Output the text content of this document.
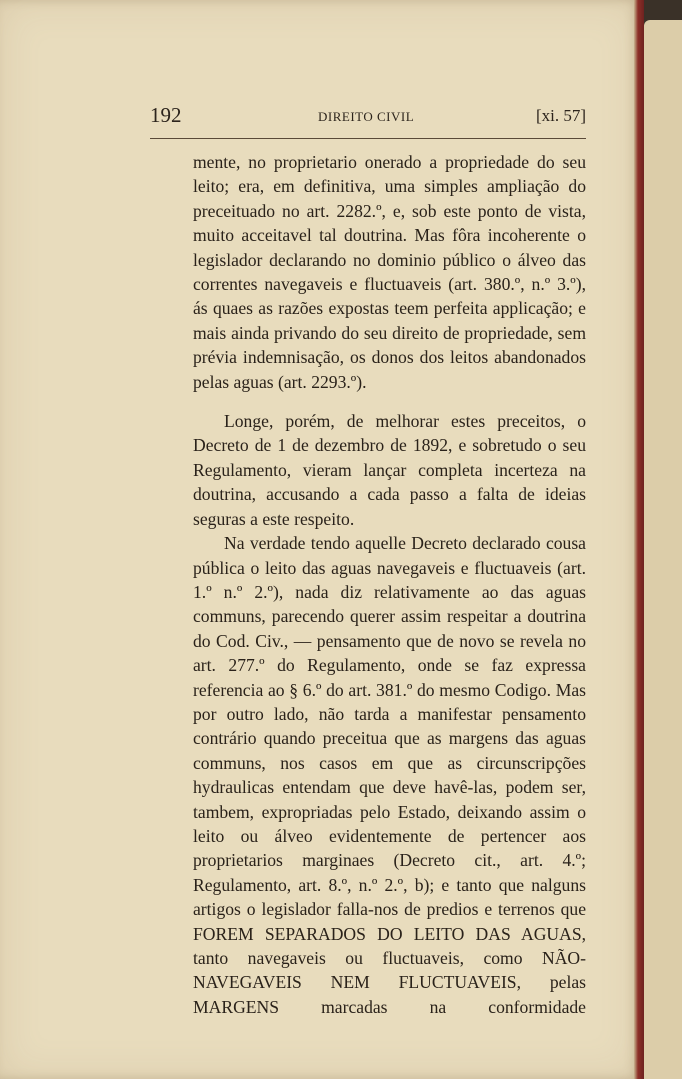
192	DIREITO CIVIL	[xi. 57]

mente, no proprietario onerado a propriedade do seu leito; era, em definitiva, uma simples ampliação do preceituado no art. 2282.º, e, sob este ponto de vista, muito acceitavel tal doutrina. Mas fôra incoherente o legislador declarando no dominio público o álveo das correntes navegaveis e fluctuaveis (art. 380.º, n.º 3.º), ás quaes as razões expostas teem perfeita applicação; e mais ainda privando do seu direito de propriedade, sem prévia indemnisação, os donos dos leitos abandonados pelas aguas (art. 2293.º).

Longe, porém, de melhorar estes preceitos, o Decreto de 1 de dezembro de 1892, e sobretudo o seu Regulamento, vieram lançar completa incerteza na doutrina, accusando a cada passo a falta de ideias seguras a este respeito.

Na verdade tendo aquelle Decreto declarado cousa pública o leito das aguas navegaveis e fluctuaveis (art. 1.º n.º 2.º), nada diz relativamente ao das aguas communs, parecendo querer assim respeitar a doutrina do Cod. Civ., — pensamento que de novo se revela no art. 277.º do Regulamento, onde se faz expressa referencia ao § 6.º do art. 381.º do mesmo Codigo. Mas por outro lado, não tarda a manifestar pensamento contrário quando preceitua que as margens das aguas communs, nos casos em que as circunscripções hydraulicas entendam que deve havê-las, podem ser, tambem, expropriadas pelo Estado, deixando assim o leito ou álveo evidentemente de pertencer aos proprietarios marginaes (Decreto cit., art. 4.º; Regulamento, art. 8.º, n.º 2.º, b); e tanto que nalguns artigos o legislador falla-nos de predios e terrenos que FOREM SEPARADOS DO LEITO DAS AGUAS, tanto navegaveis ou fluctuaveis, como NÃO-NAVEGAVEIS NEM FLUCTUAVEIS, pelas MARGENS marcadas na conformidade
